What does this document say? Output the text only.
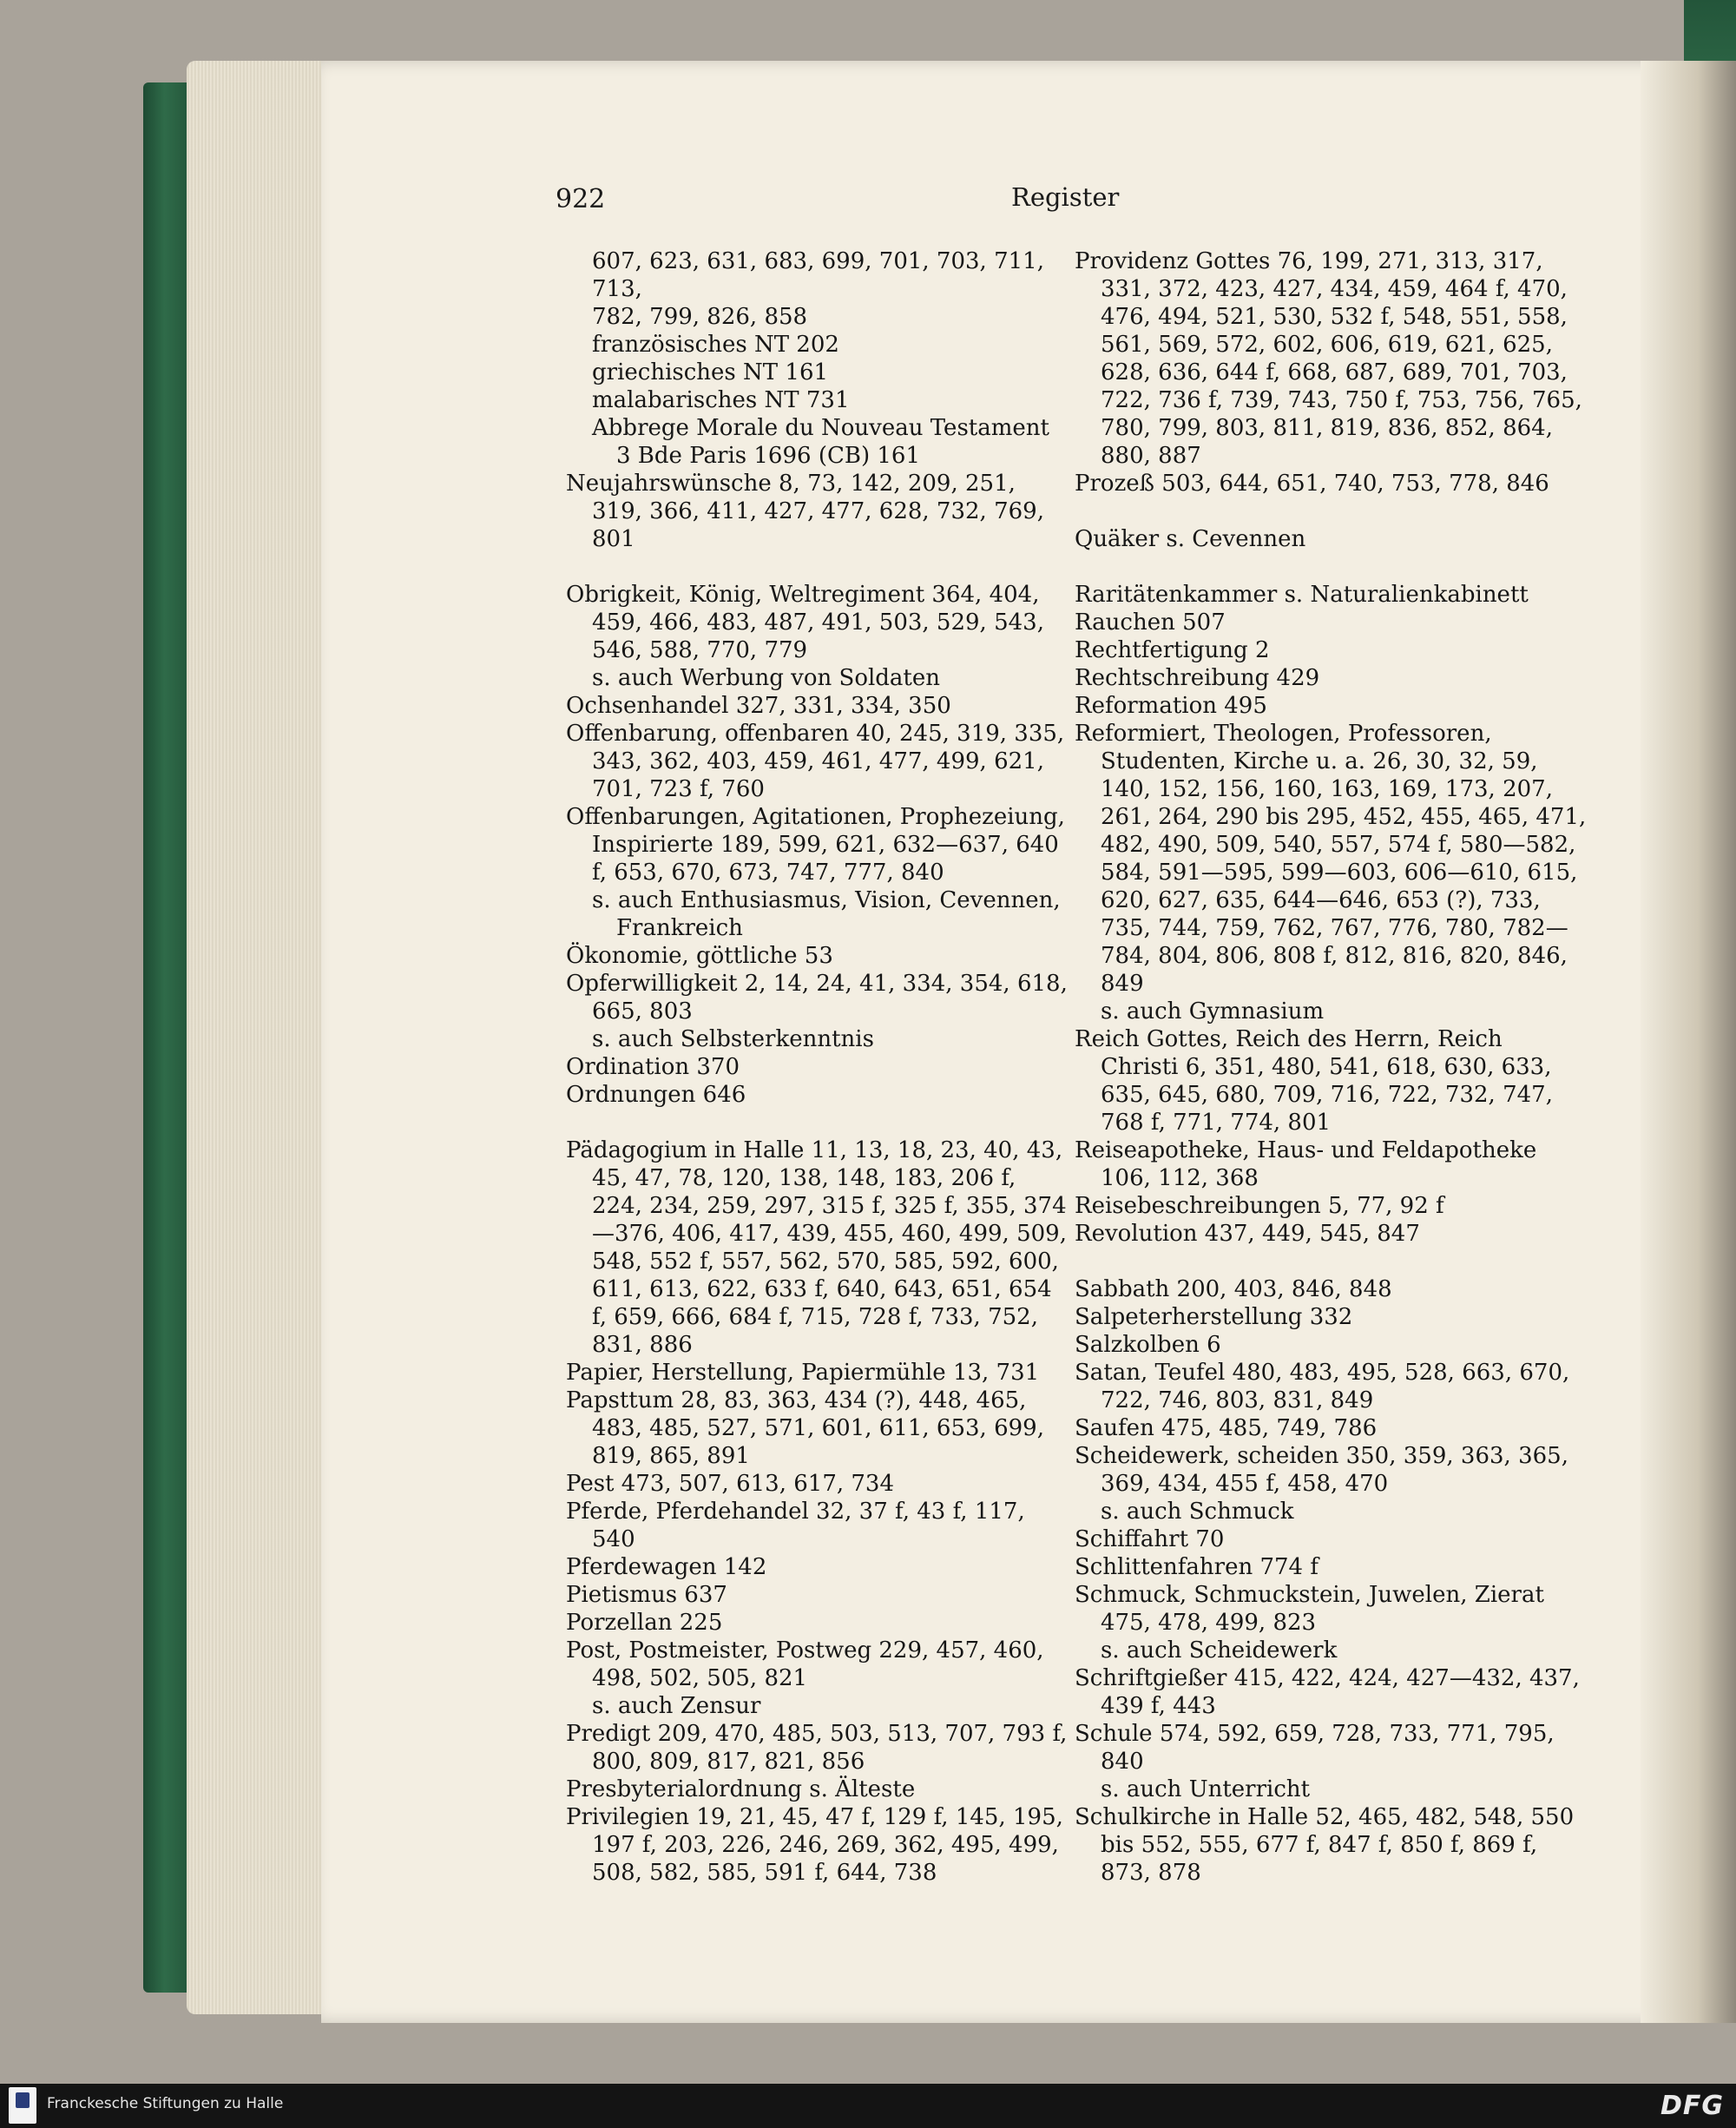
922	Register
607, 623, 631, 683, 699, 701, 703, 711, 713,
782, 799, 826, 858
französisches NT 202
griechisches NT 161
malabarisches NT 731
Abbrege Morale du Nouveau Testament 3 Bde Paris 1696 (CB) 161
Neujahrswünsche 8, 73, 142, 209, 251, 319, 366, 411, 427, 477, 628, 732, 769, 801
Obrigkeit, König, Weltregiment 364, 404, 459, 466, 483, 487, 491, 503, 529, 543, 546, 588, 770, 779
s. auch Werbung von Soldaten
Ochsenhandel 327, 331, 334, 350
Offenbarung, offenbaren 40, 245, 319, 335, 343, 362, 403, 459, 461, 477, 499, 621, 701, 723 f, 760
Offenbarungen, Agitationen, Prophezeiung, Inspirierte 189, 599, 621, 632—637, 640 f, 653, 670, 673, 747, 777, 840
s. auch Enthusiasmus, Vision, Cevennen, Frankreich
Ökonomie, göttliche 53
Opferwilligkeit 2, 14, 24, 41, 334, 354, 618, 665, 803
s. auch Selbsterkenntnis
Ordination 370
Ordnungen 646
Pädagogium in Halle 11, 13, 18, 23, 40, 43, 45, 47, 78, 120, 138, 148, 183, 206 f, 224, 234, 259, 297, 315 f, 325 f, 355, 374—376, 406, 417, 439, 455, 460, 499, 509, 548, 552 f, 557, 562, 570, 585, 592, 600, 611, 613, 622, 633 f, 640, 643, 651, 654 f, 659, 666, 684 f, 715, 728 f, 733, 752, 831, 886
Papier, Herstellung, Papiermühle 13, 731
Papsttum 28, 83, 363, 434 (?), 448, 465, 483, 485, 527, 571, 601, 611, 653, 699, 819, 865, 891
Pest 473, 507, 613, 617, 734
Pferde, Pferdehandel 32, 37 f, 43 f, 117, 540
Pferdewagen 142
Pietismus 637
Porzellan 225
Post, Postmeister, Postweg 229, 457, 460, 498, 502, 505, 821
s. auch Zensur
Predigt 209, 470, 485, 503, 513, 707, 793 f, 800, 809, 817, 821, 856
Presbyterialordnung s. Älteste
Privilegien 19, 21, 45, 47 f, 129 f, 145, 195, 197 f, 203, 226, 246, 269, 362, 495, 499, 508, 582, 585, 591 f, 644, 738
Providenz Gottes 76, 199, 271, 313, 317, 331, 372, 423, 427, 434, 459, 464 f, 470, 476, 494, 521, 530, 532 f, 548, 551, 558, 561, 569, 572, 602, 606, 619, 621, 625, 628, 636, 644 f, 668, 687, 689, 701, 703, 722, 736 f, 739, 743, 750 f, 753, 756, 765, 780, 799, 803, 811, 819, 836, 852, 864, 880, 887
Prozeß 503, 644, 651, 740, 753, 778, 846
Quäker s. Cevennen
Raritätenkammer s. Naturalienkabinett
Rauchen 507
Rechtfertigung 2
Rechtschreibung 429
Reformation 495
Reformiert, Theologen, Professoren, Studenten, Kirche u. a. 26, 30, 32, 59, 140, 152, 156, 160, 163, 169, 173, 207, 261, 264, 290 bis 295, 452, 455, 465, 471, 482, 490, 509, 540, 557, 574 f, 580—582, 584, 591—595, 599—603, 606—610, 615, 620, 627, 635, 644—646, 653 (?), 733, 735, 744, 759, 762, 767, 776, 780, 782—784, 804, 806, 808 f, 812, 816, 820, 846, 849
s. auch Gymnasium
Reich Gottes, Reich des Herrn, Reich Christi 6, 351, 480, 541, 618, 630, 633, 635, 645, 680, 709, 716, 722, 732, 747, 768 f, 771, 774, 801
Reiseapotheke, Haus- und Feldapotheke 106, 112, 368
Reisebeschreibungen 5, 77, 92 f
Revolution 437, 449, 545, 847
Sabbath 200, 403, 846, 848
Salpeterherstellung 332
Salzkolben 6
Satan, Teufel 480, 483, 495, 528, 663, 670, 722, 746, 803, 831, 849
Saufen 475, 485, 749, 786
Scheidewerk, scheiden 350, 359, 363, 365, 369, 434, 455 f, 458, 470
s. auch Schmuck
Schiffahrt 70
Schlittenfahren 774 f
Schmuck, Schmuckstein, Juwelen, Zierat 475, 478, 499, 823
s. auch Scheidewerk
Schriftgießer 415, 422, 424, 427—432, 437, 439 f, 443
Schule 574, 592, 659, 728, 733, 771, 795, 840
s. auch Unterricht
Schulkirche in Halle 52, 465, 482, 548, 550 bis 552, 555, 677 f, 847 f, 850 f, 869 f, 873, 878
Franckesche Stiftungen zu Halle	DFG
